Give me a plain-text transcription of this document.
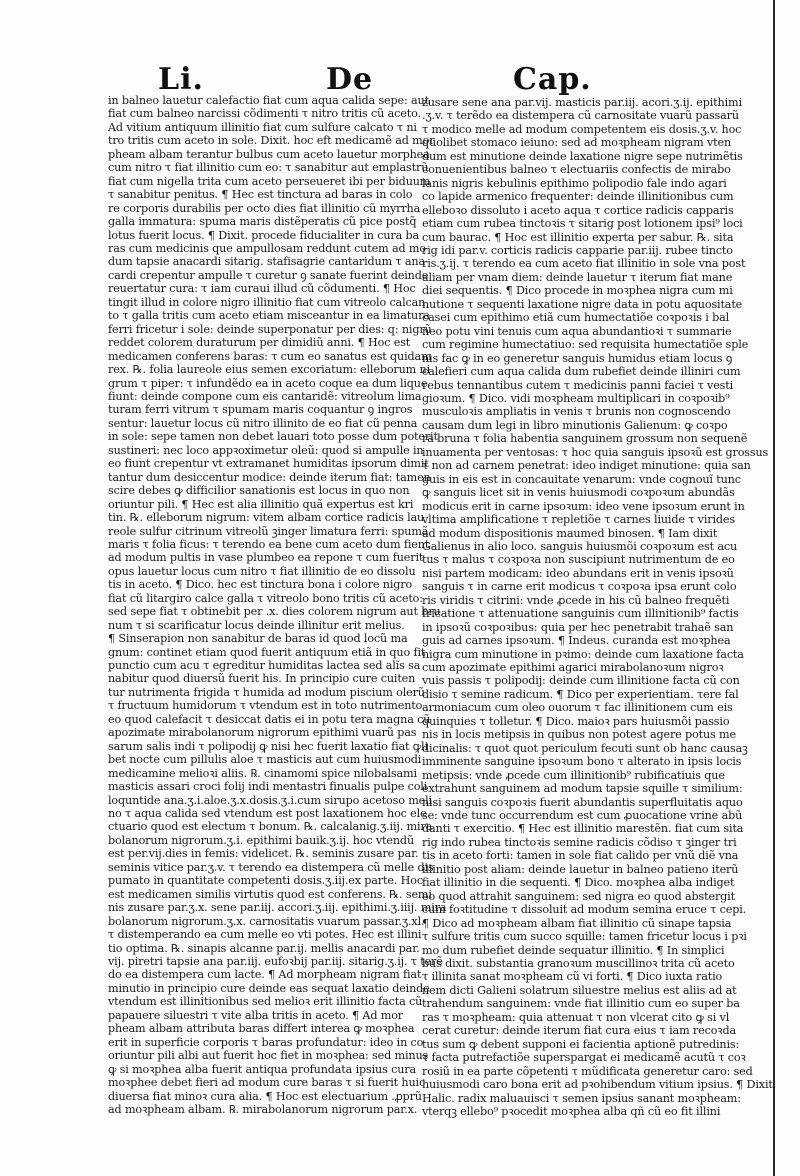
Li.	De	Cap.
in balneo lauetur calefactio fiat cum aqua calida sepe: aut
fiat cum balneo narcissi cõdimenti τ nitro tritis cũ aceto.
Ad vitium antiquum illinitio fiat cum sulfure calcato τ ni
tro tritis cum aceto in sole. Dixit. hoc eft medicamẽ ad mor
pheam albam terantur bulbus cum aceto lauetur morphea
cum nitro τ fiat illinitio cum eo: τ sanabitur aut emplastrũ
fiat cum nigella trita cum aceto perseueret ibi per biduum
τ sanabitur penitus. ¶ Hec est tinctura ad baras in colo
re corporis durabilis per octo dies fiat illinitio cũ myrrha
galla immatura: spuma maris distẽperatis cũ pice postq̃
lotus fuerit locus. ¶ Dixit. procede fiducialiter in cura ba
ras cum medicinis que ampullosam reddunt cutem ad mo
dum tapsie anacardi sitarig. stafisagrie cantaridum τ ana
cardi crepentur ampulle τ curetur ꝯ sanate fuerint deinde
reuertatur cura: τ iam curaui illud cũ cõdumenti. ¶ Hoc
tingit illud in colore nigro illinitio fiat cum vitreolo calcan
to τ galla tritis cum aceto etiam misceantur in ea limatura
ferri fricetur i sole: deinde superponatur per dies: q: nigrũ
reddet colorem duraturum per dimidiũ anni. ¶ Hoc est
medicamen conferens baras: τ cum eo sanatus est quidam
rex. ℞. folia laureole eius semen excoriatum: elleborum ni
grum τ piper: τ infundẽdo ea in aceto coque ea dum lique
fiunt: deinde compone cum eis cantaridẽ: vitreolum lima
turam ferri vitrum τ spumam maris coquantur ꝯ ingros
sentur: lauetur locus cũ nitro illinito de eo fiat cũ penna
in sole: sepe tamen non debet lauari toto posse dum poterit
sustineri: nec loco appꝛoximetur oleũ: quod si ampulle in
eo fiunt crepentur vt extramanet humiditas ipsorum dimit
tantur dum desiccentur modice: deinde iterum fiat: tamen
scire debes ꝙ difficilior sanationis est locus in quo non
oriuntur pili. ¶ Hec est alia illinitio quã expertus est kri
tin. ℞. elleborum nigrum: vitem albam cortice radicis lau
reole sulfur citrinum vitreolũ ꝫinger limatura ferri: spumã
maris τ folia ficus: τ terendo ea bene cum aceto dum fient
ad modum pultis in vase plumbeo ea repone τ cum fuerit
opus lauetur locus cum nitro τ fiat illinitio de eo dissolu
tis in aceto. ¶ Dico. hec est tinctura bona i colore nigro
fiat cũ litargiro calce galla τ vitreolo bono tritis cũ aceto:
sed sepe fiat τ obtinebit per .x. dies colorem nigrum aut bru
num τ si scarificatur locus deinde illinitur erit melius.
¶ Sinserapion non sanabitur de baras id quod locũ ma
gnum: continet etiam quod fuerit antiquum etiã in quo fit
punctio cum acu τ egreditur humiditas lactea sed alĩs sa
nabitur quod diuersũ fuerit his. In principio cure cuiten
tur nutrimenta frigida τ humida ad modum piscium olerũ
τ fructuum humidorum τ vtendum est in toto nutrimento
eo quod calefacit τ desiccat datis ei in potu tera magna cũ
apozimate mirabolanorum nigrorum epithimi vuarũ pas
sarum salis indi τ polipodij ꝙ nisi hec fuerit laxatio fiat ꝙli
bet nocte cum pillulis aloe τ masticis aut cum huiusmodi
medicamine melioꝛi aliis. ℞. cinamomi spice nilobalsami
masticis assari croci folij indi mentastri finualis pulpe coli
loquntide ana.ʒ.i.aloe.ʒ.x.dosis.ʒ.i.cum sirupo acetoso meli
no τ aqua calida sed vtendum est post laxationem hoc ele
ctuario quod est electum τ bonum. ℞. calcalanig.ʒ.iij. mira
bolanorum nigrorum.ʒ.i. epithimi bauik.ʒ.ij. hoc vtendũ
est per.vij.dies in femis: videlicet. ℞. seminis zusare par.
seminis vitice par.ʒ.v. τ terendo ea distempera cũ melle dis
pumato in quantitate competenti dosis.ʒ.iij.ex parte. Hoc
est medicamen similis virtutis quod est conferens. ℞. semi
nis zusare par.ʒ.x. sene par.iij. accori.ʒ.iij. epithimi.ʒ.iiij. mira
bolanorum nigrorum.ʒ.x. carnositatis vuarum passar.ʒ.xl.
τ distemperando ea cum melle eo vti potes. Hec est illini
tio optima. ℞. sinapis alcanne par.ij. mellis anacardi par.
vij. piretri tapsie ana par.iij. eufoꝛbij par.iij. sitarig.ʒ.ij. τ terẽ
do ea distempera cum lacte. ¶ Ad morpheam nigram fiat
minutio in principio cure deinde eas sequat laxatio deinde
vtendum est illinitionibus sed melioꝛ erit illinitio facta cũ
papauere siluestri τ vite alba tritis in aceto. ¶ Ad mor
pheam albam attributa baras differt interea ꝙ moꝛphea
erit in superficie corporis τ baras profundatur: ideo in co
oriuntur pili albi aut fuerit hoc fiet in moꝛphea: sed minus
ꝙ si moꝛphea alba fuerit antiqua profundata ipsius cura
moꝛphee debet fieri ad modum cure baras τ si fuerit huic
diuersa fiat minoꝛ cura alia. ¶ Hoc est electuarium .ꝓprũ
ad moꝛpheam albam. ℞. mirabolanorum nigrorum par.x.
zusare sene ana par.vij. masticis par.iij. acori.ʒ.ij. epithimi
.ʒ.v. τ terẽdo ea distempera cũ carnositate vuarũ passarũ
τ modico melle ad modum competentem eis dosis.ʒ.v. hoc
quolibet stomaco ieiuno: sed ad moꝛpheam nigram vten
dum est minutione deinde laxatione nigre sepe nutrimẽtis
conuenientibus balneo τ electuariis confectis de mirabo
lanis nigris kebulinis epithimo polipodio fale indo agari
co lapide armenico frequenter: deinde illinitionibus cum
elleboꝛo dissoluto i aceto aqua τ cortice radicis capparis
etiam cum rubea tinctoꝛis τ sitarig post lotionem ipsi⁹ loci
cum baurac. ¶ Hoc est illinitio experta per sabur. ℞. sita
rig idi par.v. corticis radicis capparie par.iij. rubee tincto
ris.ʒ.ij. τ terendo ea cum aceto fiat illinitio in sole vna post
aliam per vnam diem: deinde lauetur τ iterum fiat mane
diei sequentis. ¶ Dico procede in moꝛphea nigra cum mi
nutione τ sequenti laxatione nigre data in potu aquositate
casei cum epithimo etiã cum humectatiõe coꝛpoꝛis i bal
neo potu vini tenuis cum aqua abundantioꝛi τ summarie
cum regimine humectatiuo: sed requisita humectatiõe sple
nis fac ꝙ in eo generetur sanguis humidus etiam locus ꝯ
calefieri cum aqua calida dum rubefiet deinde illiniri cum
rebus tennantibus cutem τ medicinis panni faciei τ vesti
gioꝛum. ¶ Dico. vidi moꝛpheam multiplicari in coꝛpoꝛib⁹
musculoꝛis ampliatis in venis τ brunis non cognoscendo
causam dum legi in libro minutionis Galienum: ꝙ coꝛpo
ra bruna τ folia habentia sanguinem grossum non sequenẽ
inuamenta per ventosas: τ hoc quia sanguis ipsoꝛũ est grossus
τ non ad carnem penetrat: ideo indiget minutione: quia san
guis in eis est in concauitate venarum: vnde cognouĩ tunc
ꝙ sanguis licet sit in venis huiusmodi coꝛpoꝛum abundãs
modicus erit in carne ipsoꝛum: ideo vene ipsoꝛum erunt in
vltima amplificatione τ repletiõe τ carnes liuide τ virides
ad modum dispositionis maumed binosen. ¶ Iam dixit
Galienus in alio loco. sanguis huiusmõi coꝛpoꝛum est acu
tus τ malus τ coꝛpoꝛa non suscipiunt nutrimentum de eo
nisi partem modicam: ideo abundans erit in venis ipsoꝛũ
sanguis τ in carne erit modicus τ coꝛpoꝛa ipsa erunt colo
ris viridis τ citrini: vnde ꝓcede in his cũ balneo frequẽti
fricatione τ attenuatione sanguinis cum illinitionib⁹ factis
in ipsoꝛũ coꝛpoꝛibus: quia per hec penetrabit trahaẽ san
guis ad carnes ipsoꝛum. ¶ Indeus. curanda est moꝛphea
nigra cum minutione in pꝛimo: deinde cum laxatione facta
cum apozimate epithimi agarici mirabolanoꝛum nigroꝛ
vuis passis τ polipodij: deinde cum illinitione facta cũ con
disio τ semine radicum. ¶ Dico per experientiam. τere fal
armoniacum cum oleo ouorum τ fac illinitionem cum eis
quinquies τ tolletur. ¶ Dico. maioꝛ pars huiusmõi passio
nis in locis metipsis in quibus non potest agere potus me
dicinalis: τ quot quot periculum fecuti sunt ob hanc causaꝫ
imminente sanguine ipsoꝛum bono τ alterato in ipsis locis
metipsis: vnde ꝓcede cum illinitionib⁹ rubificatiuis que
extrahunt sanguinem ad modum tapsie squille τ similium:
nisi sanguis coꝛpoꝛis fuerit abundantis superfluitatis aquo
se: vnde tunc occurrendum est cum ꝓuocatione vrine abũ
danti τ exercitio. ¶ Hec est illinitio marestẽn. fiat cum sita
rig indo rubea tinctoꝛis semine radicis cõdiso τ ꝫinger tri
tis in aceto forti: tamen in sole fiat calido per vnũ diẽ vna
illinitio post aliam: deinde lauetur in balneo patieno iterũ
fiat illinitio in die sequenti. ¶ Dico. moꝛphea alba indiget
eo quod attrahit sanguinem: sed nigra eo quod abstergit
cum foꝛtitudine τ dissoluit ad modum semina eruce τ cepi.
¶ Dico ad moꝛpheam albam fiat illinitio cũ sinape tapsia
τ sulfure tritis cum succo squille: tamen fricetur locus i pꝛi
mo dum rubefiet deinde sequatur illinitio. ¶ In simplici
bus dixit. substantia granoꝛum muscillinoꝛ trita cũ aceto
τ illinita sanat moꝛpheam cũ vi forti. ¶ Dico iuxta ratio
nem dicti Galieni solatrum siluestre melius est aliis ad at
trahendum sanguinem: vnde fiat illinitio cum eo super ba
ras τ moꝛpheam: quia attenuat τ non vlcerat cito ꝙ si vl
cerat curetur: deinde iterum fiat cura eius τ iam recoꝛda
tus sum ꝙ debent supponi ei facientia aptionẽ putredinis:
τ facta putrefactiõe superspargat ei medicamẽ acutũ τ coꝛ
rosiũ in ea parte cõpetenti τ mũdificata generetur caro: sed
huiusmodi caro bona erit ad pꝛohibendum vitium ipsius. ¶ Dixit
Halic. radix maluauisci τ semen ipsius sanant moꝛpheam:
vterqꝫ ellebo⁹ pꝛocedit moꝛphea alba qñ cũ eo fit illini
